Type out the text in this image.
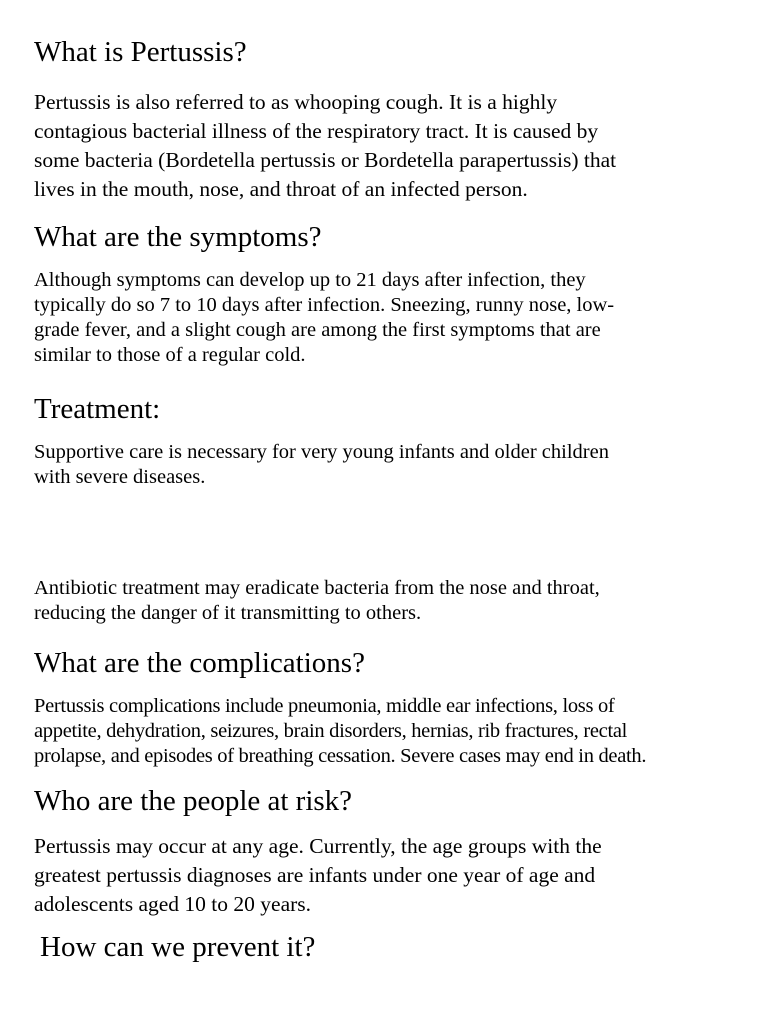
What is Pertussis?

Pertussis is also referred to as whooping cough. It is a highly
contagious bacterial illness of the respiratory tract. It is caused by
some bacteria (Bordetella pertussis or Bordetella parapertussis) that
lives in the mouth, nose, and throat of an infected person.

What are the symptoms?

Although symptoms can develop up to 21 days after infection, they
typically do so 7 to 10 days after infection. Sneezing, runny nose, low-
grade fever, and a slight cough are among the first symptoms that are
similar to those of a regular cold.

Treatment:

Supportive care is necessary for very young infants and older children
with severe diseases.

Antibiotic treatment may eradicate bacteria from the nose and throat,
reducing the danger of it transmitting to others.

What are the complications?

Pertussis complications include pneumonia, middle ear infections, loss of
appetite, dehydration, seizures, brain disorders, hernias, rib fractures, rectal
prolapse, and episodes of breathing cessation. Severe cases may end in death.

Who are the people at risk?

Pertussis may occur at any age. Currently, the age groups with the
greatest pertussis diagnoses are infants under one year of age and
adolescents aged 10 to 20 years.

How can we prevent it?
